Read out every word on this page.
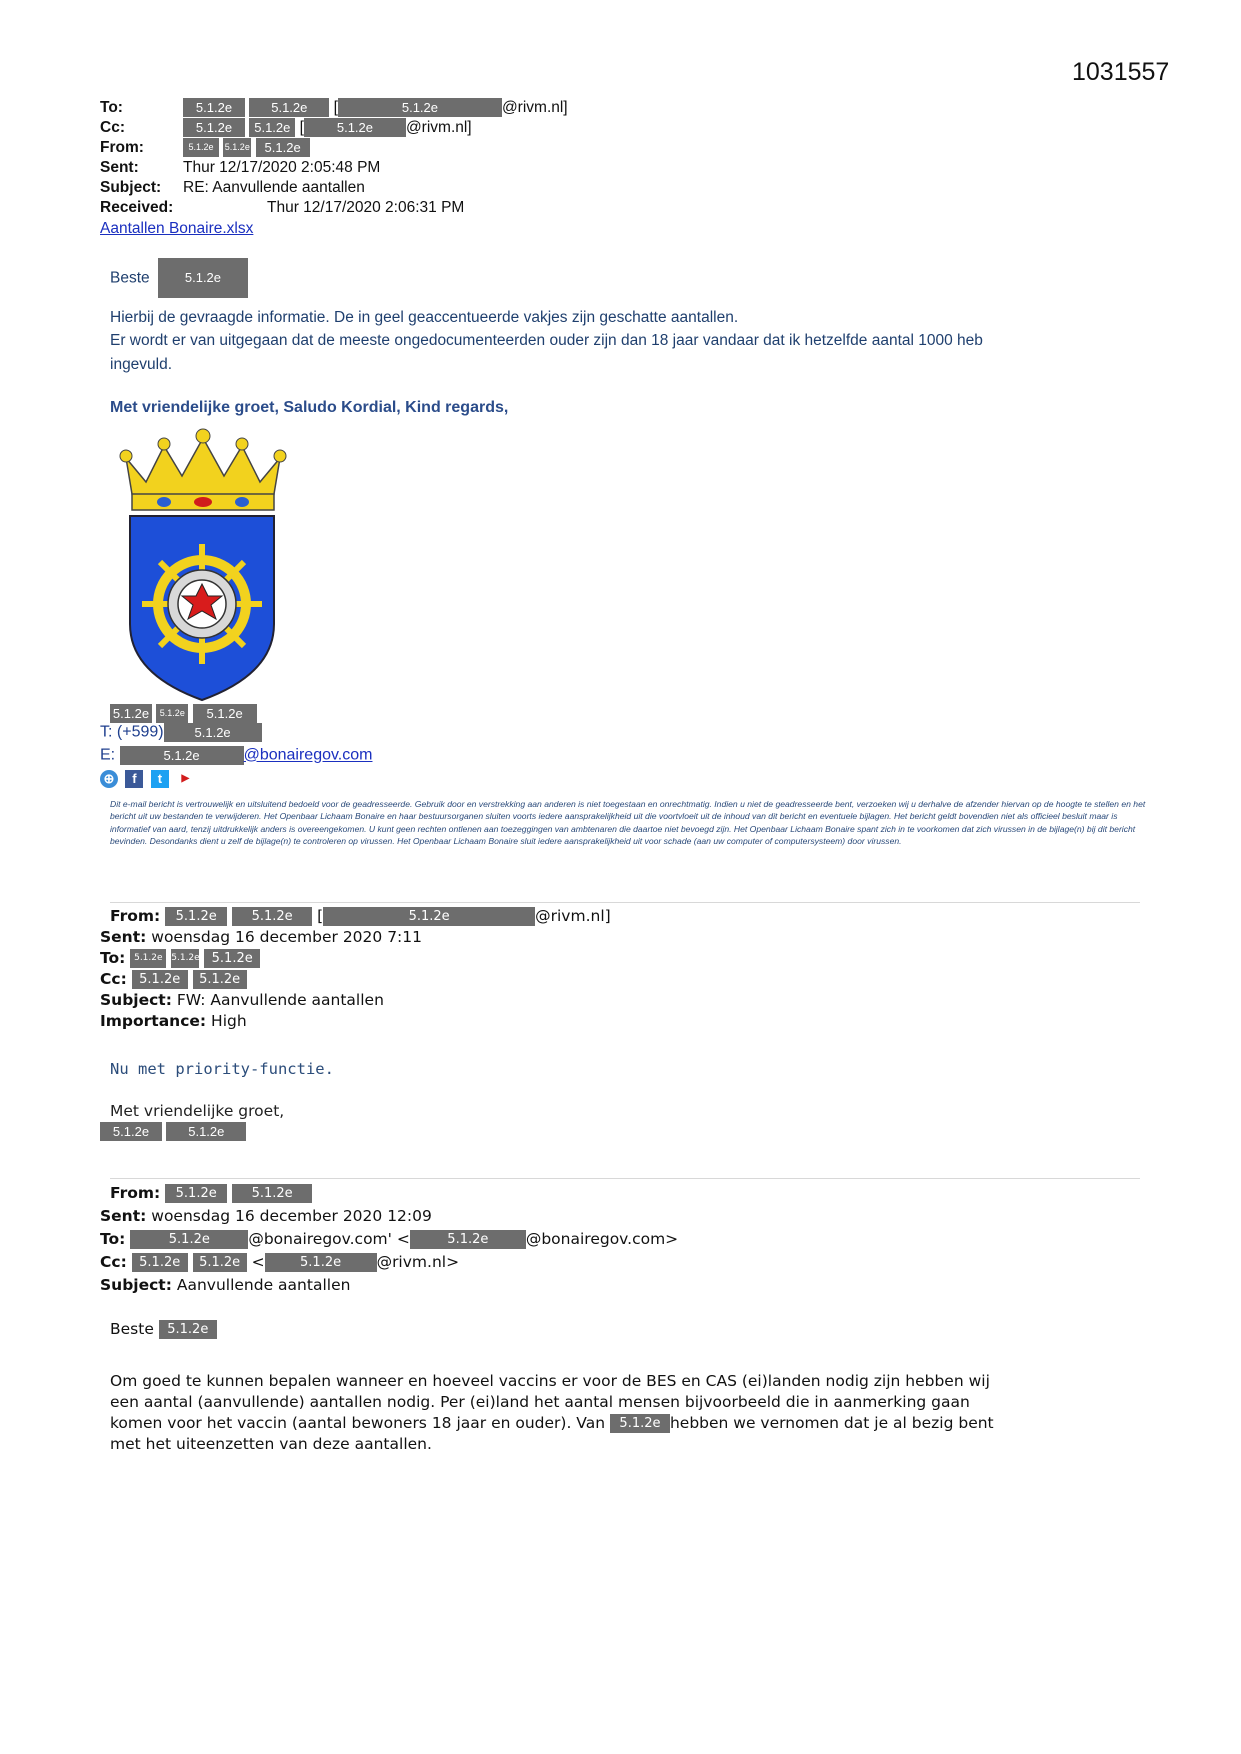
1031557
To:	5.1.2e	5.1.2e [	5.1.2e	@rivm.nl]
Cc:	5.1.2e 5.1.2e [	5.1.2e @rivm.nl]
From:	5.1.2e 5.1.2e 5.1.2e
Sent:	Thur 12/17/2020 2:05:48 PM
Subject: RE: Aanvullende aantallen
Received:	Thur 12/17/2020 2:06:31 PM
Aantallen Bonaire.xlsx
Beste	5.1.2e
Hierbij de gevraagde informatie. De in geel geaccentueerde vakjes zijn geschatte aantallen.
Er wordt er van uitgegaan dat de meeste ongedocumenteerden ouder zijn dan 18 jaar vandaar dat ik hetzelfde aantal 1000 heb
ingevuld.
Met vriendelijke groet, Saludo Kordial, Kind regards,
5.1.2e 5.1.2e 5.1.2e
T: (+599) 5.1.2e
E:	5.1.2e	@bonairegov.com
⊕ f t ▶
Dit e-mail bericht is vertrouwelijk en uitsluitend bedoeld voor de geadresseerde. Gebruik door en verstrekking aan anderen is niet toegestaan en onrechtmatig. Indien u niet de geadresseerde bent, verzoeken wij u derhalve de afzender hiervan op de hoogte te stellen en het bericht uit uw bestanden te verwijderen. Het Openbaar Lichaam Bonaire en haar bestuursorganen sluiten voorts iedere aansprakelijkheid uit die voortvloeit uit de inhoud van dit bericht en eventuele bijlagen. Het bericht geldt bovendien niet als officieel besluit maar is informatief van aard, tenzij uitdrukkelijk anders is overeengekomen. U kunt geen rechten ontlenen aan toezeggingen van ambtenaren die daartoe niet bevoegd zijn. Het Openbaar Lichaam Bonaire spant zich in te voorkomen dat zich virussen in de bijlage(n) bij dit bericht bevinden. Desondanks dient u zelf de bijlage(n) te controleren op virussen. Het Openbaar Lichaam Bonaire sluit iedere aansprakelijkheid uit voor schade (aan uw computer of computersysteem) door virussen.
From: 5.1.2e	5.1.2e [	5.1.2e	@rivm.nl]
Sent: woensdag 16 december 2020 7:11
To: 5.1.2e 5.1.2e 5.1.2e
Cc: 5.1.2e 5.1.2e
Subject: FW: Aanvullende aantallen
Importance: High
Nu met priority-functie.
Met vriendelijke groet,
5.1.2e	5.1.2e
From: 5.1.2e	5.1.2e
Sent: woensdag 16 december 2020 12:09
To:	5.1.2e @bonairegov.com' <	5.1.2e @bonairegov.com>
Cc: 5.1.2e 5.1.2e <	5.1.2e @rivm.nl>
Subject: Aanvullende aantallen
Beste 5.1.2e
Om goed te kunnen bepalen wanneer en hoeveel vaccins er voor de BES en CAS (ei)landen nodig zijn hebben wij
een aantal (aanvullende) aantallen nodig. Per (ei)land het aantal mensen bijvoorbeeld die in aanmerking gaan
komen voor het vaccin (aantal bewoners 18 jaar en ouder). Van 5.1.2e hebben we vernomen dat je al bezig bent
met het uiteenzetten van deze aantallen.
